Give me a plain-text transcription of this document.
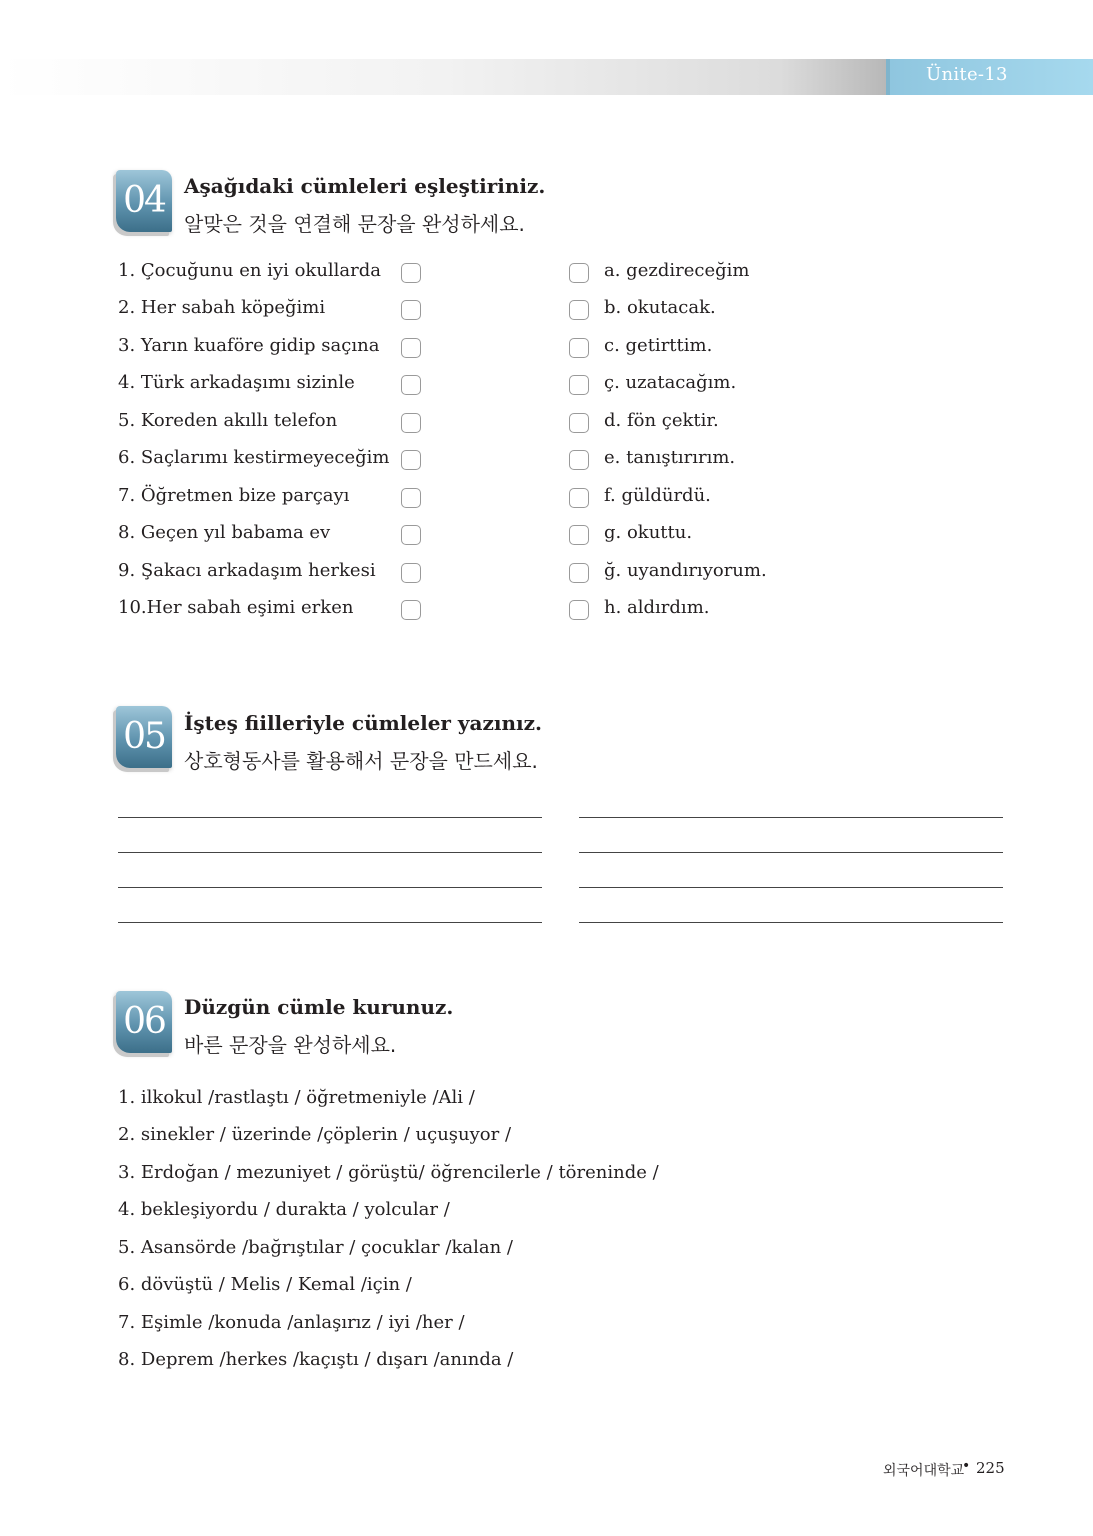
Ünite-13
04 Aşağıdaki cümleleri eşleştiriniz.
알맞은 것을 연결해 문장을 완성하세요.
1. Çocuğunu en iyi okullarda
2. Her sabah köpeğimi
3. Yarın kuaföre gidip saçına
4. Türk arkadaşımı sizinle
5. Koreden akıllı telefon
6. Saçlarımı kestirmeyeceğim
7. Öğretmen bize parçayı
8. Geçen yıl babama ev
9. Şakacı arkadaşım herkesi
10.Her sabah eşimi erken
a. gezdireceğim
b. okutacak.
c. getirttim.
ç. uzatacağım.
d. fön çektir.
e. tanıştırırım.
f. güldürdü.
g. okuttu.
ğ. uyandırıyorum.
h. aldırdım.
05 İşteş fiilleriyle cümleler yazınız.
상호형동사를 활용해서 문장을 만드세요.
06 Düzgün cümle kurunuz.
바른 문장을 완성하세요.
1. ilkokul /rastlaştı / öğretmeniyle /Ali /
2. sinekler / üzerinde /çöplerin / uçuşuyor /
3. Erdoğan / mezuniyet / görüştü/ öğrencilerle / töreninde /
4. bekleşiyordu / durakta / yolcular /
5. Asansörde /bağrıştılar / çocuklar /kalan /
6. dövüştü / Melis / Kemal /için /
7. Eşimle /konuda /anlaşırız / iyi /her /
8. Deprem /herkes /kaçıştı / dışarı /anında /
외국어대학교
• 225
